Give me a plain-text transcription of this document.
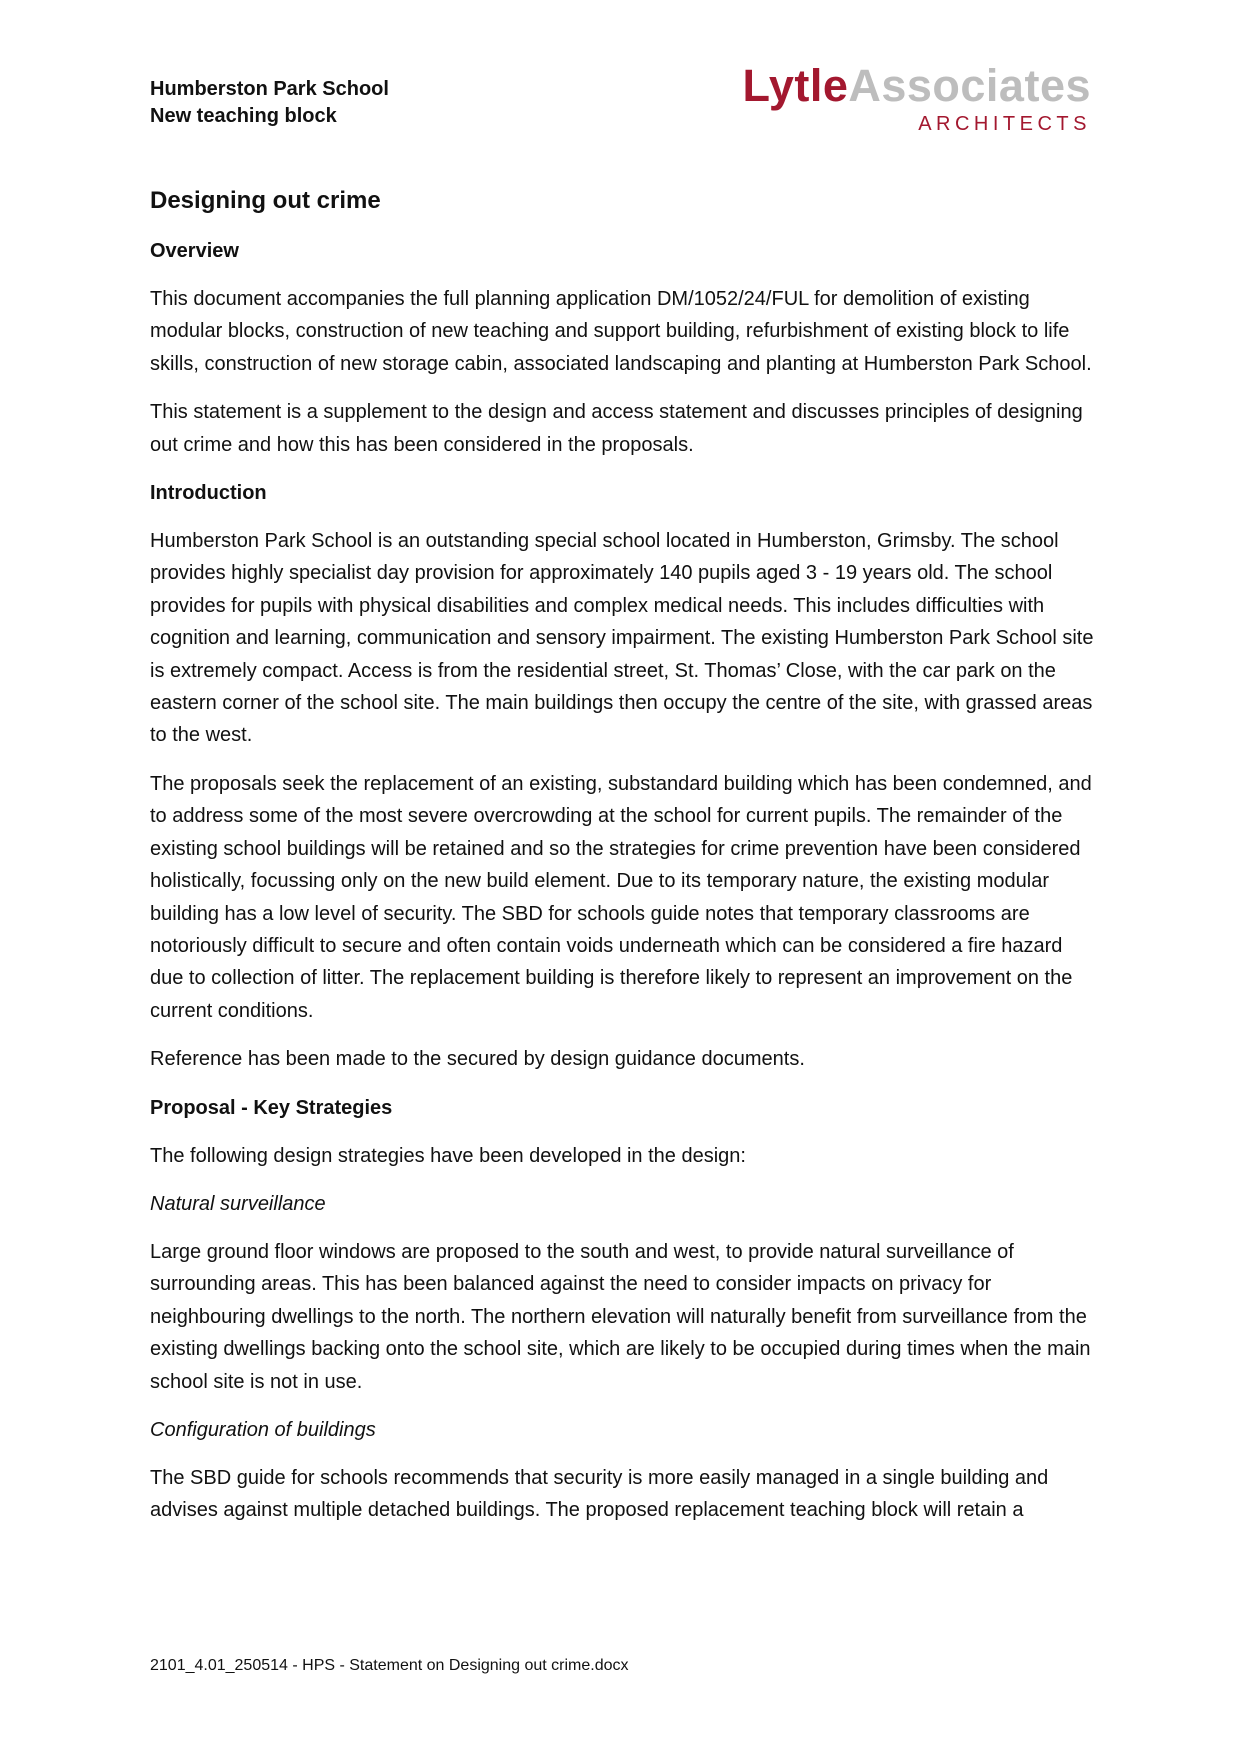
Humberston Park School
New teaching block
LytleAssociates
ARCHITECTS
Designing out crime
Overview

This document accompanies the full planning application DM/1052/24/FUL for demolition of existing modular blocks, construction of new teaching and support building, refurbishment of existing block to life skills, construction of new storage cabin, associated landscaping and planting at Humberston Park School.

This statement is a supplement to the design and access statement and discusses principles of designing out crime and how this has been considered in the proposals.

Introduction

Humberston Park School is an outstanding special school located in Humberston, Grimsby. The school provides highly specialist day provision for approximately 140 pupils aged 3 - 19 years old. The school provides for pupils with physical disabilities and complex medical needs. This includes difficulties with cognition and learning, communication and sensory impairment. The existing Humberston Park School site is extremely compact. Access is from the residential street, St. Thomas’ Close, with the car park on the eastern corner of the school site. The main buildings then occupy the centre of the site, with grassed areas to the west.

The proposals seek the replacement of an existing, substandard building which has been condemned, and to address some of the most severe overcrowding at the school for current pupils. The remainder of the existing school buildings will be retained and so the strategies for crime prevention have been considered holistically, focussing only on the new build element. Due to its temporary nature, the existing modular building has a low level of security. The SBD for schools guide notes that temporary classrooms are notoriously difficult to secure and often contain voids underneath which can be considered a fire hazard due to collection of litter. The replacement building is therefore likely to represent an improvement on the current conditions.

Reference has been made to the secured by design guidance documents.

Proposal - Key Strategies

The following design strategies have been developed in the design:

Natural surveillance

Large ground floor windows are proposed to the south and west, to provide natural surveillance of surrounding areas. This has been balanced against the need to consider impacts on privacy for neighbouring dwellings to the north. The northern elevation will naturally benefit from surveillance from the existing dwellings backing onto the school site, which are likely to be occupied during times when the main school site is not in use.

Configuration of buildings

The SBD guide for schools recommends that security is more easily managed in a single building and advises against multiple detached buildings. The proposed replacement teaching block will retain a

2101_4.01_250514 - HPS - Statement on Designing out crime.docx
